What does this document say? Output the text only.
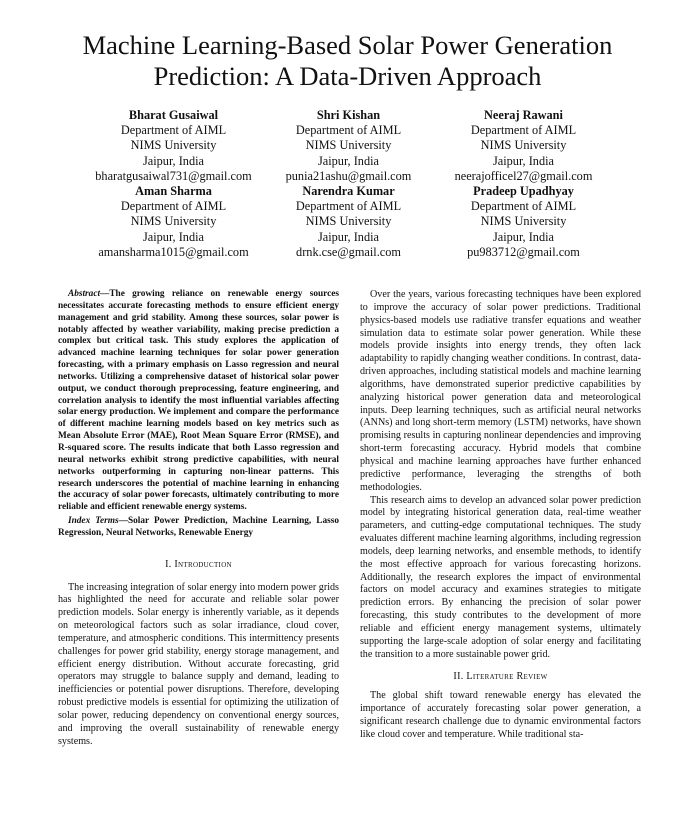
Machine Learning-Based Solar Power Generation Prediction: A Data-Driven Approach
Bharat Gusaiwal
Department of AIML
NIMS University
Jaipur, India
bharatgusaiwal731@gmail.com
Shri Kishan
Department of AIML
NIMS University
Jaipur, India
punia21ashu@gmail.com
Neeraj Rawani
Department of AIML
NIMS University
Jaipur, India
neerajofficel27@gmail.com
Aman Sharma
Department of AIML
NIMS University
Jaipur, India
amansharma1015@gmail.com
Narendra Kumar
Department of AIML
NIMS University
Jaipur, India
drnk.cse@gmail.com
Pradeep Upadhyay
Department of AIML
NIMS University
Jaipur, India
pu983712@gmail.com

Abstract—The growing reliance on renewable energy sources necessitates accurate forecasting methods to ensure efficient energy management and grid stability. Among these sources, solar power is notably affected by weather variability, making precise prediction a complex but critical task. This study explores the application of advanced machine learning techniques for solar power generation forecasting, with a primary emphasis on Lasso regression and neural networks. Utilizing a comprehensive dataset of historical solar power output, we conduct thorough preprocessing, feature engineering, and correlation analysis to identify the most influential variables affecting solar energy production. We implement and compare the performance of different machine learning models based on key metrics such as Mean Absolute Error (MAE), Root Mean Square Error (RMSE), and R-squared score. The results indicate that both Lasso regression and neural networks exhibit strong predictive capabilities, with neural networks outperforming in capturing non-linear patterns. This research underscores the potential of machine learning in enhancing the accuracy of solar power forecasts, ultimately contributing to more reliable and efficient renewable energy systems.

Index Terms—Solar Power Prediction, Machine Learning, Lasso Regression, Neural Networks, Renewable Energy

I. Introduction

The increasing integration of solar energy into modern power grids has highlighted the need for accurate and reliable solar power prediction models. Solar energy is inherently variable, as it depends on meteorological factors such as solar irradiance, cloud cover, temperature, and atmospheric conditions. This intermittency presents challenges for power grid stability, energy storage management, and efficient energy distribution. Without accurate forecasting, grid operators may struggle to balance supply and demand, leading to inefficiencies or potential power disruptions. Therefore, developing robust predictive models is essential for optimizing the utilization of solar power, reducing dependency on conventional energy sources, and improving the overall sustainability of renewable energy systems.

Over the years, various forecasting techniques have been explored to improve the accuracy of solar power predictions. Traditional physics-based models use radiative transfer equations and weather simulation data to estimate solar power generation. While these models provide insights into energy trends, they often lack adaptability to rapidly changing weather conditions. In contrast, data-driven approaches, including statistical models and machine learning algorithms, have demonstrated superior predictive capabilities by analyzing historical power generation data and meteorological inputs. Deep learning techniques, such as artificial neural networks (ANNs) and long short-term memory (LSTM) networks, have shown promising results in capturing nonlinear dependencies and improving short-term forecasting accuracy. Hybrid models that combine physical and machine learning approaches have further enhanced predictive performance, leveraging the strengths of both methodologies.

This research aims to develop an advanced solar power prediction model by integrating historical generation data, real-time weather parameters, and cutting-edge computational techniques. The study evaluates different machine learning algorithms, including regression models, deep learning networks, and ensemble methods, to identify the most effective approach for various forecasting horizons. Additionally, the research explores the impact of environmental factors on model accuracy and examines strategies to mitigate prediction errors. By enhancing the precision of solar power forecasting, this study contributes to the development of more reliable and efficient energy management systems, ultimately supporting the large-scale adoption of solar energy and facilitating the transition to a more sustainable power grid.

II. Literature Review

The global shift toward renewable energy has elevated the importance of accurately forecasting solar power generation, a significant research challenge due to dynamic environmental factors like cloud cover and temperature. While traditional sta-
